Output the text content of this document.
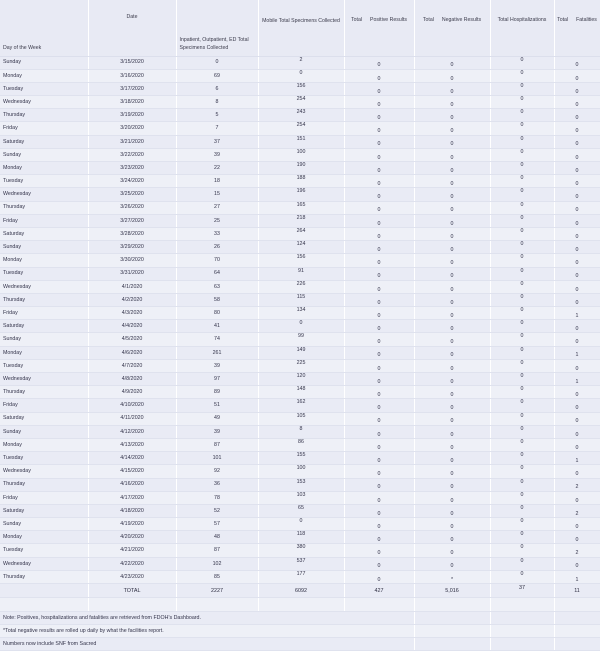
Day of the Week	Date	Inpatient, Outpatient, ED Total Specimens Collected	Mobile Total Specimens Collected	Total Positive Results	Total Negative Results	Total Hospitalizations	Total Fatalities

Sunday	3/15/2020	0	2	0	0	0	0
Monday	3/16/2020	69	0	0	0	0	0
Tuesday	3/17/2020	6	156	0	0	0	0
Wednesday	3/18/2020	8	254	0	0	0	0
Thursday	3/19/2020	5	243	0	0	0	0
Friday	3/20/2020	7	254	0	0	0	0
Saturday	3/21/2020	37	151	0	0	0	0
Sunday	3/22/2020	39	100	0	0	0	0
Monday	3/23/2020	22	190	0	0	0	0
Tuesday	3/24/2020	18	188	0	0	0	0
Wednesday	3/25/2020	15	196	0	0	0	0
Thursday	3/26/2020	27	165	0	0	0	0
Friday	3/27/2020	25	218	0	0	0	0
Saturday	3/28/2020	33	264	0	0	0	0
Sunday	3/29/2020	26	124	0	0	0	0
Monday	3/30/2020	70	156	0	0	0	0
Tuesday	3/31/2020	64	91	0	0	0	0
Wednesday	4/1/2020	63	226	0	0	0	0
Thursday	4/2/2020	58	115	0	0	0	0
Friday	4/3/2020	80	134	0	0	0	1
Saturday	4/4/2020	41	0	0	0	0	0
Sunday	4/5/2020	74	99	0	0	0	0
Monday	4/6/2020	261	149	0	0	0	1
Tuesday	4/7/2020	39	225	0	0	0	0
Wednesday	4/8/2020	97	120	0	0	0	1
Thursday	4/9/2020	89	148	0	0	0	0
Friday	4/10/2020	51	162	0	0	0	0
Saturday	4/11/2020	49	105	0	0	0	0
Sunday	4/12/2020	39	8	0	0	0	0
Monday	4/13/2020	87	86	0	0	0	0
Tuesday	4/14/2020	101	155	0	0	0	1
Wednesday	4/15/2020	92	100	0	0	0	0
Thursday	4/16/2020	36	153	0	0	0	2
Friday	4/17/2020	78	103	0	0	0	0
Saturday	4/18/2020	52	65	0	0	0	2
Sunday	4/19/2020	57	0	0	0	0	0
Monday	4/20/2020	48	118	0	0	0	0
Tuesday	4/21/2020	87	380	0	0	0	2
Wednesday	4/22/2020	102	537	0	0	0	0
Thursday	4/23/2020	85	177	0	*	0	1
	TOTAL	2227	6092	427	5,016	37	11

Note: Positives, hospitalizations and fatalities are retrieved from FDOH's Dashboard.							
*Total negative results are rolled up daily by what the facilities report.							
Numbers now include SNF from Sacred							
